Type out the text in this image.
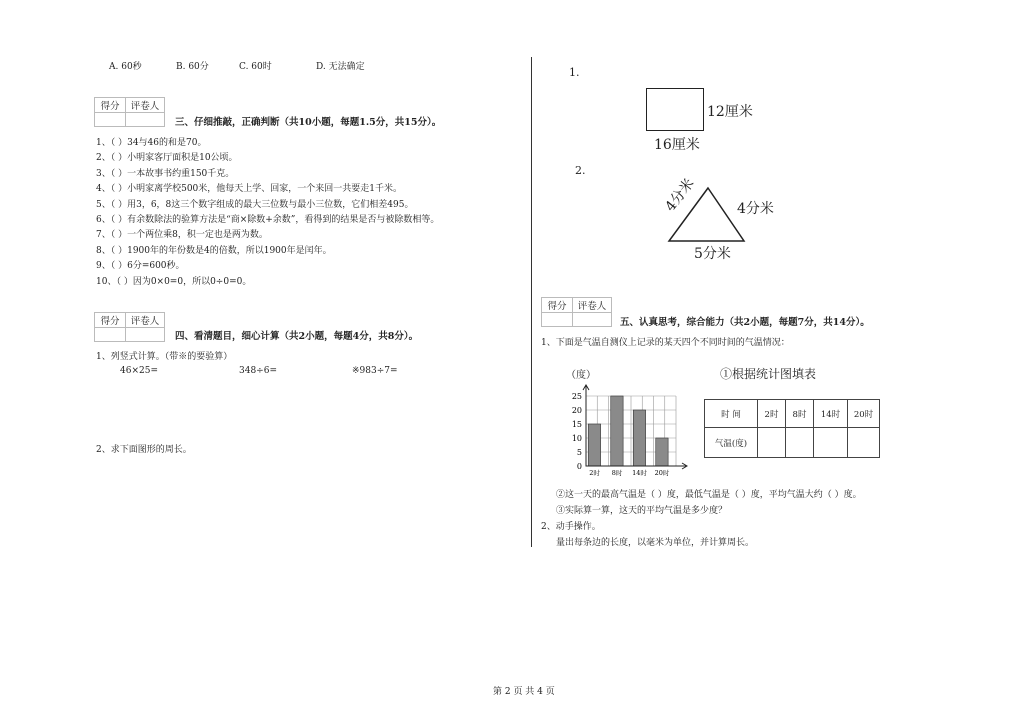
A. 60秒	B. 60分	C. 60时	D. 无法确定
得分	评卷人

三、仔细推敲，正确判断（共10小题，每题1.5分，共15分）。
1、（ ）34与46的和是70。
2、（ ）小明家客厅面积是10公顷。
3、（ ）一本故事书约重150千克。
4、（ ）小明家离学校500米，他每天上学、回家，一个来回一共要走1千米。
5、（ ）用3，6，8这三个数字组成的最大三位数与最小三位数，它们相差495。
6、（ ）有余数除法的验算方法是“商×除数+余数”，看得到的结果是否与被除数相等。
7、（ ）一个两位乘8，积一定也是两为数。
8、（ ）1900年的年份数是4的倍数，所以1900年是闰年。
9、（ ）6分=600秒。
10、（ ）因为0×0=0，所以0÷0=0。
得分	评卷人

四、看清题目，细心计算（共2小题，每题4分，共8分）。
1、列竖式计算。（带※的要验算）
46×25=	348÷6=	※983÷7=
2、求下面图形的周长。
1.
12厘米
16厘米
2.
4分米	4分米
5分米
得分	评卷人

五、认真思考，综合能力（共2小题，每题7分，共14分）。
1、下面是气温自测仪上记录的某天四个不同时间的气温情况：
（度）
0
5
10
15
20
25
2时 8时 14时 20时
①根据统计图填表
时 间	2时	8时	14时	20时
气温(度)				
②这一天的最高气温是（ ）度，最低气温是（ ）度，平均气温大约（ ）度。
③实际算一算，这天的平均气温是多少度？
2、动手操作。
量出每条边的长度，以毫米为单位，并计算周长。
第 2 页 共 4 页
